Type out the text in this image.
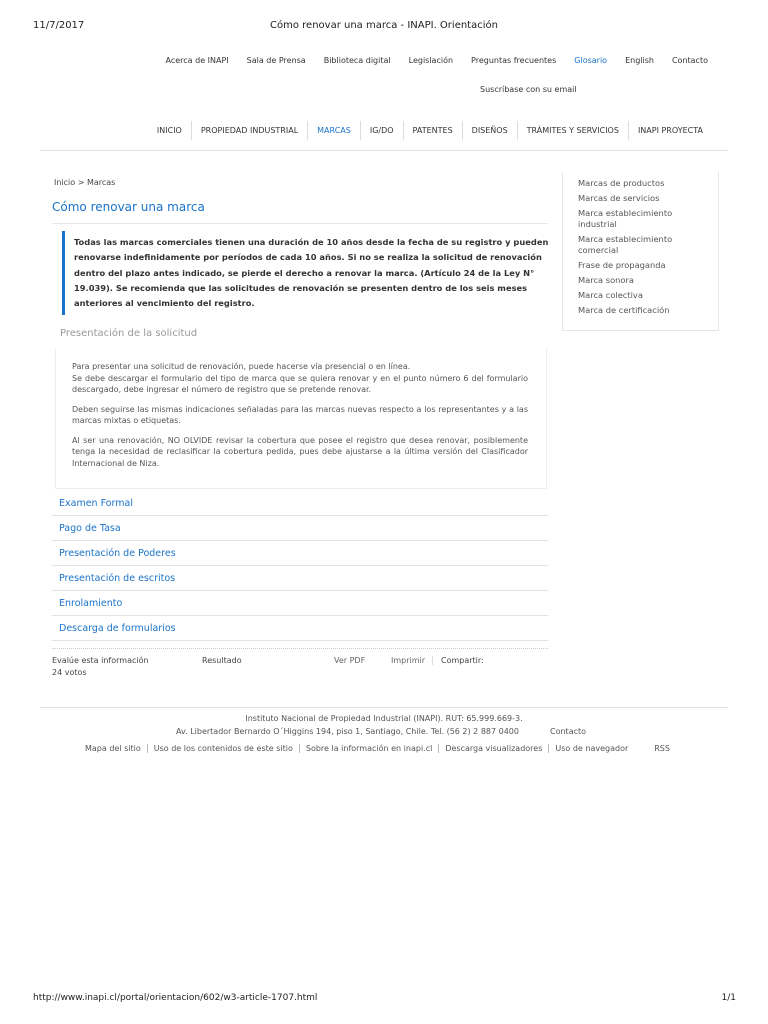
11/7/2017	Cómo renovar una marca - INAPI. Orientación
http://www.inapi.cl/portal/orientacion/602/w3-article-1707.html	1/1
Acerca de INAPI Sala de Prensa Biblioteca digital Legislación Preguntas frecuentes Glosario English Contacto
Suscríbase con su email
INICIO	PROPIEDAD INDUSTRIAL	MARCAS	IG/DO	PATENTES	DISEÑOS	TRÁMITES Y SERVICIOS	INAPI PROYECTA
Inicio > Marcas
Cómo renovar una marca
Todas las marcas comerciales tienen una duración de 10 años desde la fecha de su registro y pueden renovarse indefinidamente por períodos de cada 10 años. Si no se realiza la solicitud de renovación dentro del plazo antes indicado, se pierde el derecho a renovar la marca. (Artículo 24 de la Ley N° 19.039). Se recomienda que las solicitudes de renovación se presenten dentro de los seis meses anteriores al vencimiento del registro.
Presentación de la solicitud

Para presentar una solicitud de renovación, puede hacerse vía presencial o en línea.
Se debe descargar el formulario del tipo de marca que se quiera renovar y en el punto número 6 del formulario descargado, debe ingresar el número de registro que se pretende renovar.

Deben seguirse las mismas indicaciones señaladas para las marcas nuevas respecto a los representantes y a las marcas mixtas o etiquetas.

Al ser una renovación, NO OLVIDE revisar la cobertura que posee el registro que desea renovar, posiblemente tenga la necesidad de reclasificar la cobertura pedida, pues debe ajustarse a la última versión del Clasificador Internacional de Niza.

Examen Formal
Pago de Tasa
Presentación de Poderes
Presentación de escritos
Enrolamiento
Descarga de formularios
Evalúe esta información
24 votos
Resultado	Ver PDF	Imprimir	Compartir:
Marcas de productos
Marcas de servicios
Marca establecimiento industrial
Marca establecimiento comercial
Frase de propaganda
Marca sonora
Marca colectiva
Marca de certificación
Instituto Nacional de Propiedad Industrial (INAPI). RUT: 65.999.669-3.
Av. Libertador Bernardo O´Higgins 194, piso 1, Santiago, Chile. Tel. (56 2) 2 887 0400	Contacto
Mapa del sitio	Uso de los contenidos de este sitio	Sobre la información en inapi.cl	Descarga visualizadores	Uso de navegador	RSS
